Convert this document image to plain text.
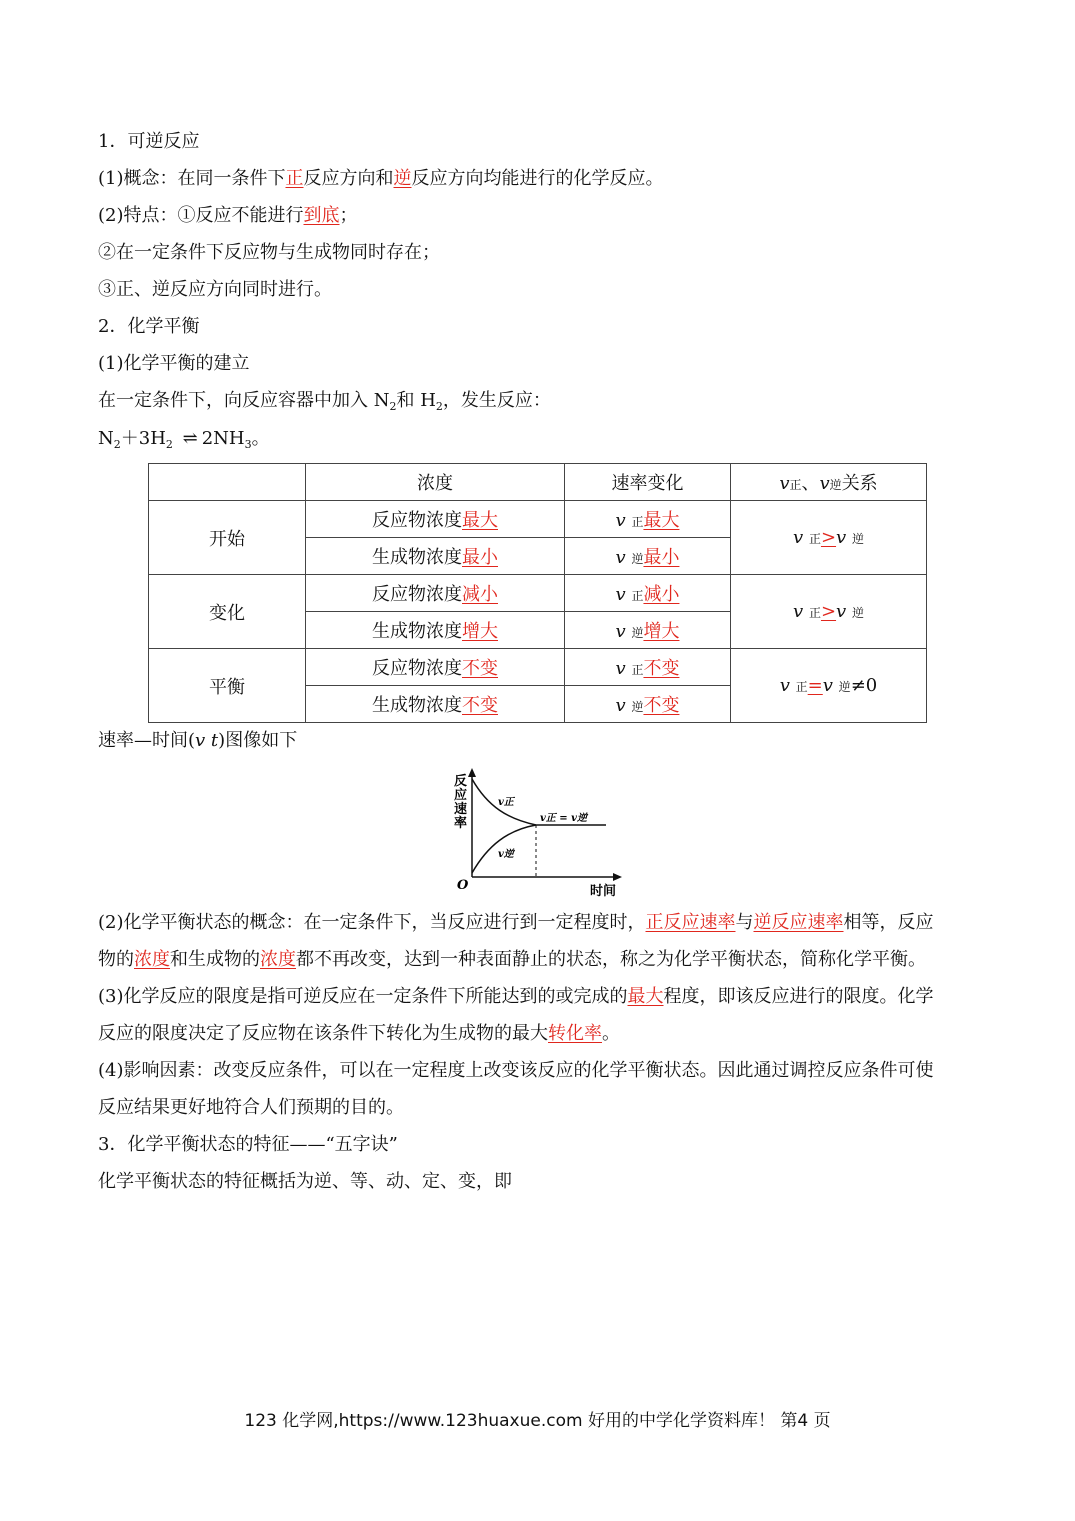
1．可逆反应
(1)概念：在同一条件下正反应方向和逆反应方向均能进行的化学反应。
(2)特点：①反应不能进行到底；
②在一定条件下反应物与生成物同时存在；
③正、逆反应方向同时进行。
2．化学平衡
(1)化学平衡的建立
在一定条件下，向反应容器中加入 $N_2$和 $H_2$，发生反应：
$N_2+3H_2$ ⇌ $2NH_3$。
	浓度	速率变化	v正、v逆关系
开始	反应物浓度最大	v 正最大	v 正>v 逆
	生成物浓度最小	v 逆最小	
变化	反应物浓度减小	v 正减小	v 正>v 逆
	生成物浓度增大	v 逆增大	
平衡	反应物浓度不变	v 正不变	v 正=v 逆≠0
	生成物浓度不变	v 逆不变	
速率—时间(v t)图像如下
反
应
速
率
v正
v逆
v正 = v逆
O	时间
(2)化学平衡状态的概念：在一定条件下，当反应进行到一定程度时，正反应速率与逆反应速率相等，反应
物的浓度和生成物的浓度都不再改变，达到一种表面静止的状态，称之为化学平衡状态，简称化学平衡。
(3)化学反应的限度是指可逆反应在一定条件下所能达到的或完成的最大程度，即该反应进行的限度。化学
反应的限度决定了反应物在该条件下转化为生成物的最大转化率。
(4)影响因素：改变反应条件，可以在一定程度上改变该反应的化学平衡状态。因此通过调控反应条件可使
反应结果更好地符合人们预期的目的。
3．化学平衡状态的特征——“五字诀”
化学平衡状态的特征概括为逆、等、动、定、变，即
123 化学网,https://www.123huaxue.com 好用的中学化学资料库！ 第4 页
